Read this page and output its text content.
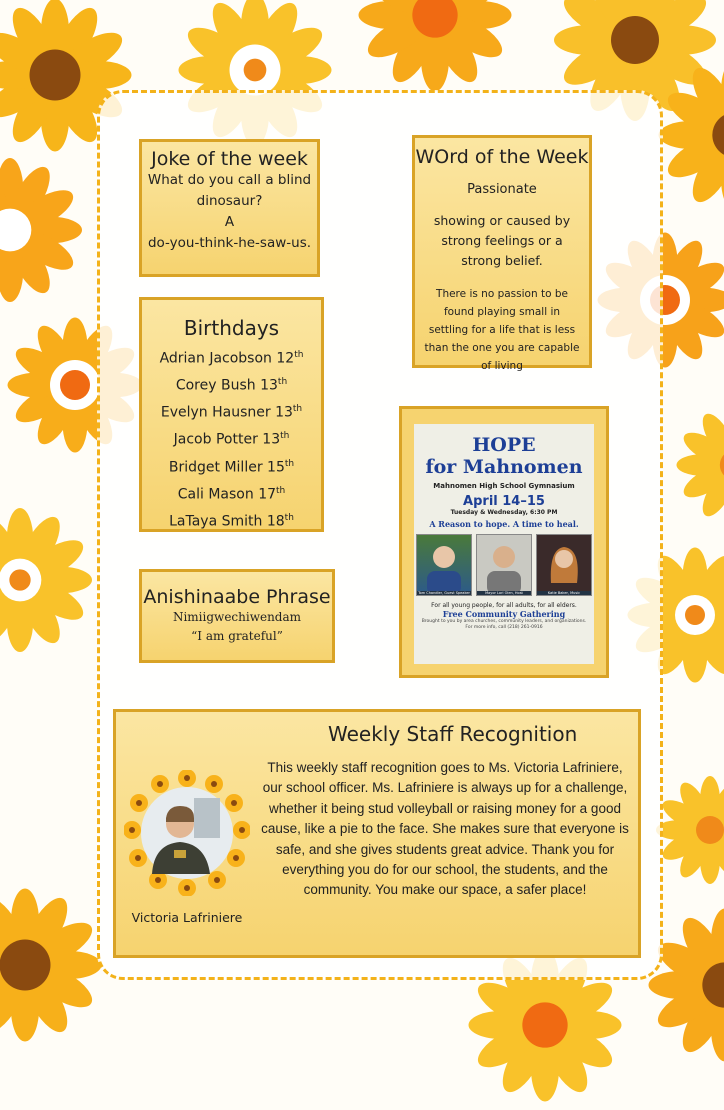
Joke of the week

What do you call a blind dinosaur?

A

do-you-think-he-saw-us.

WOrd of the Week
Passionate
showing or caused by strong feelings or a strong belief.
There is no passion to be found playing small in settling for a life that is less than the one you are capable of living
Birthdays
Adrian Jacobson 12th
Corey Bush 13th
Evelyn Hausner 13th
Jacob Potter 13th
Bridget Miller 15th
Cali Mason 17th
LaTaya Smith 18th
Anishinaabe Phrase

Nimiigwechiwendam

“I am grateful”

HOPE
for Mahnomen
Mahnomen High School Gymnasium
April 14–15
Tuesday & Wednesday, 6:30 PM
A Reason to hope. A time to heal.
Tom Chandler, Guest Speaker	Mayor Lori Olen, Host	Katie Baker, Music
For all young people, for all adults, for all elders.
Free Community Gathering
Brought to you by area churches, community leaders, and organizations.
For more info, call (218) 261-0916
Weekly Staff Recognition
This weekly staff recognition goes to Ms. Victoria Lafriniere, our school officer. Ms. Lafriniere is always up for a challenge, whether it being stud volleyball or raising money for a good cause, like a pie to the face. She makes sure that everyone is safe, and she gives students great advice. Thank you for everything you do for our school, the students, and the community. You make our space, a safer place!
Victoria Lafriniere
